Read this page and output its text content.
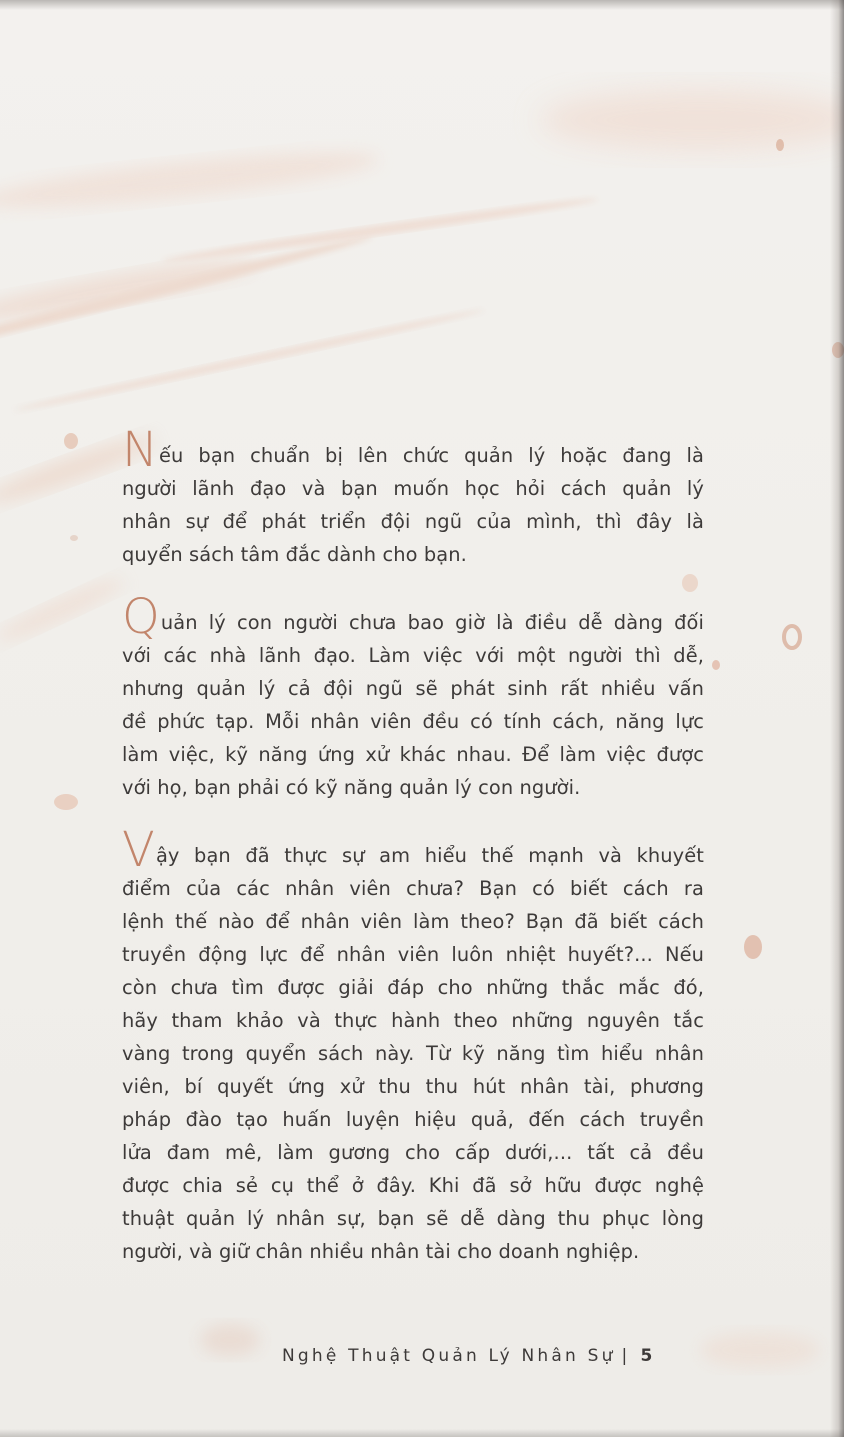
Nếu bạn chuẩn bị lên chức quản lý hoặc đang là
người lãnh đạo và bạn muốn học hỏi cách quản lý
nhân sự để phát triển đội ngũ của mình, thì đây là
quyển sách tâm đắc dành cho bạn.

Quản lý con người chưa bao giờ là điều dễ dàng đối
với các nhà lãnh đạo. Làm việc với một người thì dễ,
nhưng quản lý cả đội ngũ sẽ phát sinh rất nhiều vấn
đề phức tạp. Mỗi nhân viên đều có tính cách, năng lực
làm việc, kỹ năng ứng xử khác nhau. Để làm việc được
với họ, bạn phải có kỹ năng quản lý con người.

Vậy bạn đã thực sự am hiểu thế mạnh và khuyết
điểm của các nhân viên chưa? Bạn có biết cách ra
lệnh thế nào để nhân viên làm theo? Bạn đã biết cách
truyền động lực để nhân viên luôn nhiệt huyết?... Nếu
còn chưa tìm được giải đáp cho những thắc mắc đó,
hãy tham khảo và thực hành theo những nguyên tắc
vàng trong quyển sách này. Từ kỹ năng tìm hiểu nhân
viên, bí quyết ứng xử thu thu hút nhân tài, phương
pháp đào tạo huấn luyện hiệu quả, đến cách truyền
lửa đam mê, làm gương cho cấp dưới,... tất cả đều
được chia sẻ cụ thể ở đây. Khi đã sở hữu được nghệ
thuật quản lý nhân sự, bạn sẽ dễ dàng thu phục lòng
người, và giữ chân nhiều nhân tài cho doanh nghiệp.

Nghệ Thuật Quản Lý Nhân Sự | 5
